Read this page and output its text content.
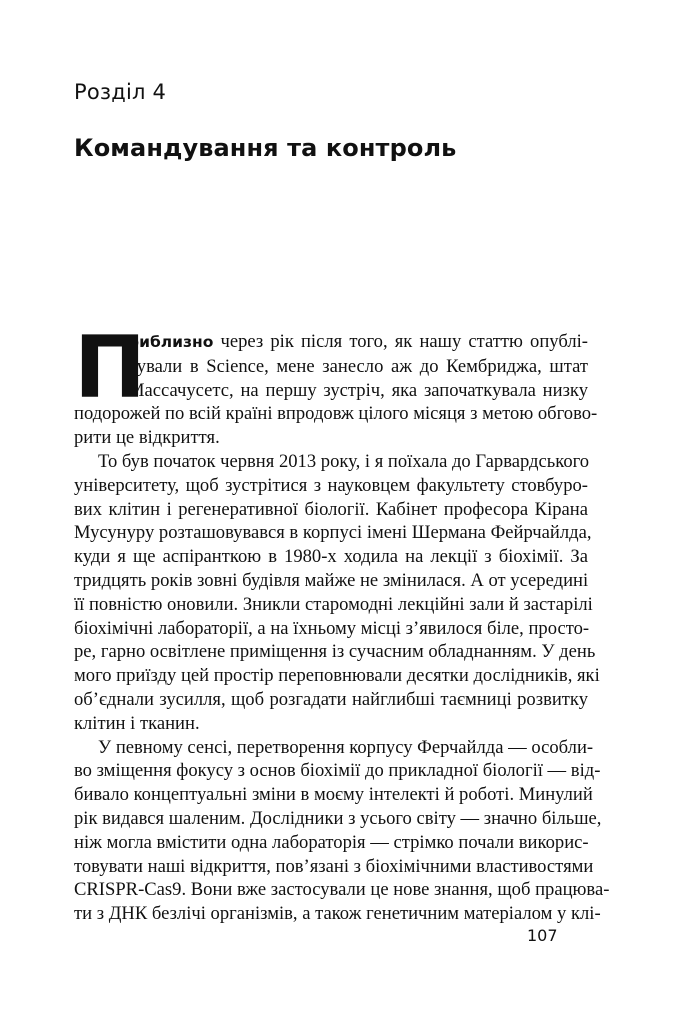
Розділ 4
Командування та контроль
П
риблизно через рік після того, як нашу статтю опублі-
кували в Science, мене занесло аж до Кембриджа, штат
Массачусетс, на першу зустріч, яка започаткувала низку
подорожей по всій країні впродовж цілого місяця з метою обгово-
рити це відкриття.
То був початок червня 2013 року, і я поїхала до Гарвардського
університету, щоб зустрітися з науковцем факультету стовбуро-
вих клітин і регенеративної біології. Кабінет професора Кірана
Мусунуру розташовувався в корпусі імені Шермана Фейрчайлда,
куди я ще аспіранткою в 1980-х ходила на лекції з біохімії. За
тридцять років зовні будівля майже не змінилася. А от усередині
її повністю оновили. Зникли старомодні лекційні зали й застарілі
біохімічні лабораторії, а на їхньому місці з’явилося біле, просто-
ре, гарно освітлене приміщення із сучасним обладнанням. У день
мого приїзду цей простір переповнювали десятки дослідників, які
об’єднали зусилля, щоб розгадати найглибші таємниці розвитку
клітин і тканин.
У певному сенсі, перетворення корпусу Ферчайлда — особли-
во зміщення фокусу з основ біохімії до прикладної біології — від-
бивало концептуальні зміни в моєму інтелекті й роботі. Минулий
рік видався шаленим. Дослідники з усього світу — значно більше,
ніж могла вмістити одна лабораторія — стрімко почали викорис-
товувати наші відкриття, пов’язані з біохімічними властивостями
CRISPR-Cas9. Вони вже застосували це нове знання, щоб працюва-
ти з ДНК безлічі організмів, а також генетичним матеріалом у клі-

107
